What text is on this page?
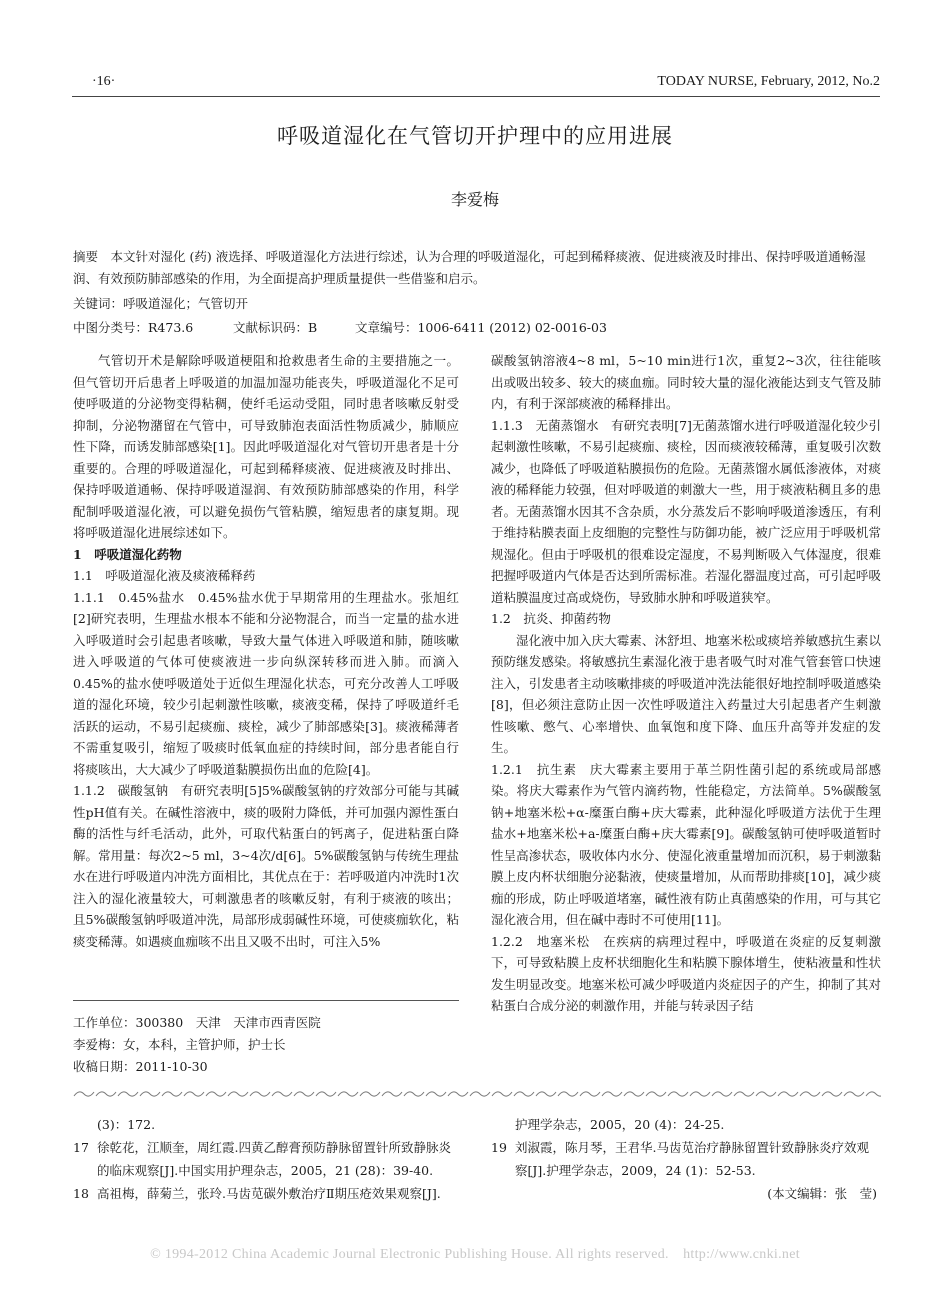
·16·	TODAY NURSE, February, 2012, No.2
呼吸道湿化在气管切开护理中的应用进展
李爱梅
摘要　本文针对湿化 (药) 液选择、呼吸道湿化方法进行综述，认为合理的呼吸道湿化，可起到稀释痰液、促进痰液及时排出、保持呼吸道通畅湿润、有效预防肺部感染的作用，为全面提高护理质量提供一些借鉴和启示。
关键词：呼吸道湿化；气管切开
中图分类号：R473.6	文献标识码：B	文章编号：1006-6411 (2012) 02-0016-03

气管切开术是解除呼吸道梗阻和抢救患者生命的主要措施之一。但气管切开后患者上呼吸道的加温加湿功能丧失，呼吸道湿化不足可使呼吸道的分泌物变得粘稠，使纤毛运动受阻，同时患者咳嗽反射受抑制，分泌物潴留在气管中，可导致肺泡表面活性物质减少，肺顺应性下降，而诱发肺部感染[1]。因此呼吸道湿化对气管切开患者是十分重要的。合理的呼吸道湿化，可起到稀释痰液、促进痰液及时排出、保持呼吸道通畅、保持呼吸道湿润、有效预防肺部感染的作用，科学配制呼吸道湿化液，可以避免损伤气管粘膜，缩短患者的康复期。现将呼吸道湿化进展综述如下。

1　呼吸道湿化药物

1.1　呼吸道湿化液及痰液稀释药

1.1.1　0.45%盐水　0.45%盐水优于早期常用的生理盐水。张旭红[2]研究表明，生理盐水根本不能和分泌物混合，而当一定量的盐水进入呼吸道时会引起患者咳嗽，导致大量气体进入呼吸道和肺，随咳嗽进入呼吸道的气体可使痰液进一步向纵深转移而进入肺。而滴入0.45%的盐水使呼吸道处于近似生理湿化状态，可充分改善人工呼吸道的湿化环境，较少引起刺激性咳嗽，痰液变稀，保持了呼吸道纤毛活跃的运动，不易引起痰痂、痰栓，减少了肺部感染[3]。痰液稀薄者不需重复吸引，缩短了吸痰时低氧血症的持续时间，部分患者能自行将痰咳出，大大减少了呼吸道黏膜损伤出血的危险[4]。

1.1.2　碳酸氢钠　有研究表明[5]5%碳酸氢钠的疗效部分可能与其碱性pH值有关。在碱性溶液中，痰的吸附力降低，并可加强内源性蛋白酶的活性与纤毛活动，此外，可取代粘蛋白的钙离子，促进粘蛋白降解。常用量：每次2~5 ml，3~4次/d[6]。5%碳酸氢钠与传统生理盐水在进行呼吸道内冲洗方面相比，其优点在于：若呼吸道内冲洗时1次注入的湿化液量较大，可刺激患者的咳嗽反射，有利于痰液的咳出；且5%碳酸氢钠呼吸道冲洗，局部形成弱碱性环境，可使痰痂软化，粘痰变稀薄。如遇痰血痂咳不出且又吸不出时，可注入5%

碳酸氢钠溶液4~8 ml，5~10 min进行1次，重复2~3次，往往能咳出或吸出较多、较大的痰血痂。同时较大量的湿化液能达到支气管及肺内，有利于深部痰液的稀释排出。

1.1.3　无菌蒸馏水　有研究表明[7]无菌蒸馏水进行呼吸道湿化较少引起刺激性咳嗽，不易引起痰痂、痰栓，因而痰液较稀薄，重复吸引次数减少，也降低了呼吸道粘膜损伤的危险。无菌蒸馏水属低渗液体，对痰液的稀释能力较强，但对呼吸道的刺激大一些，用于痰液粘稠且多的患者。无菌蒸馏水因其不含杂质，水分蒸发后不影响呼吸道渗透压，有利于维持粘膜表面上皮细胞的完整性与防御功能，被广泛应用于呼吸机常规湿化。但由于呼吸机的很难设定湿度，不易判断吸入气体湿度，很难把握呼吸道内气体是否达到所需标准。若湿化器温度过高，可引起呼吸道粘膜温度过高或烧伤，导致肺水肿和呼吸道狭窄。

1.2　抗炎、抑菌药物

湿化液中加入庆大霉素、沐舒坦、地塞米松或痰培养敏感抗生素以预防继发感染。将敏感抗生素湿化液于患者吸气时对准气管套管口快速注入，引发患者主动咳嗽排痰的呼吸道冲洗法能很好地控制呼吸道感染[8]，但必须注意防止因一次性呼吸道注入药量过大引起患者产生刺激性咳嗽、憋气、心率增快、血氧饱和度下降、血压升高等并发症的发生。

1.2.1　抗生素　庆大霉素主要用于革兰阴性菌引起的系统或局部感染。将庆大霉素作为气管内滴药物，性能稳定，方法简单。5%碳酸氢钠+地塞米松+α-糜蛋白酶+庆大霉素，此种湿化呼吸道方法优于生理盐水+地塞米松+a-糜蛋白酶+庆大霉素[9]。碳酸氢钠可使呼吸道暂时性呈高渗状态，吸收体内水分、使湿化液重量增加而沉积，易于刺激黏膜上皮内杯状细胞分泌黏液，使痰量增加，从而帮助排痰[10]，减少痰痂的形成，防止呼吸道堵塞，碱性液有防止真菌感染的作用，可与其它湿化液合用，但在碱中毒时不可使用[11]。

1.2.2　地塞米松　在疾病的病理过程中，呼吸道在炎症的反复刺激下，可导致粘膜上皮杯状细胞化生和粘膜下腺体增生，使粘液量和性状发生明显改变。地塞米松可减少呼吸道内炎症因子的产生，抑制了其对粘蛋白合成分泌的刺激作用，并能与转录因子结

工作单位：300380　天津　天津市西青医院
李爱梅：女，本科，主管护师，护士长
收稿日期：2011-10-30
(3)：172.
17 徐乾花，江顺奎，周红霞.四黄乙醇膏预防静脉留置针所致静脉炎的临床观察[J].中国实用护理杂志，2005，21 (28)：39-40.
18 高祖梅，薛菊兰，张玲.马齿苋碳外敷治疗Ⅱ期压疮效果观察[J].
护理学杂志，2005，20 (4)：24-25.
19 刘淑霞，陈月琴，王君华.马齿苋治疗静脉留置针致静脉炎疗效观察[J].护理学杂志，2009，24 (1)：52-53.
(本文编辑：张　莹)
© 1994-2012 China Academic Journal Electronic Publishing House. All rights reserved.　http://www.cnki.net
